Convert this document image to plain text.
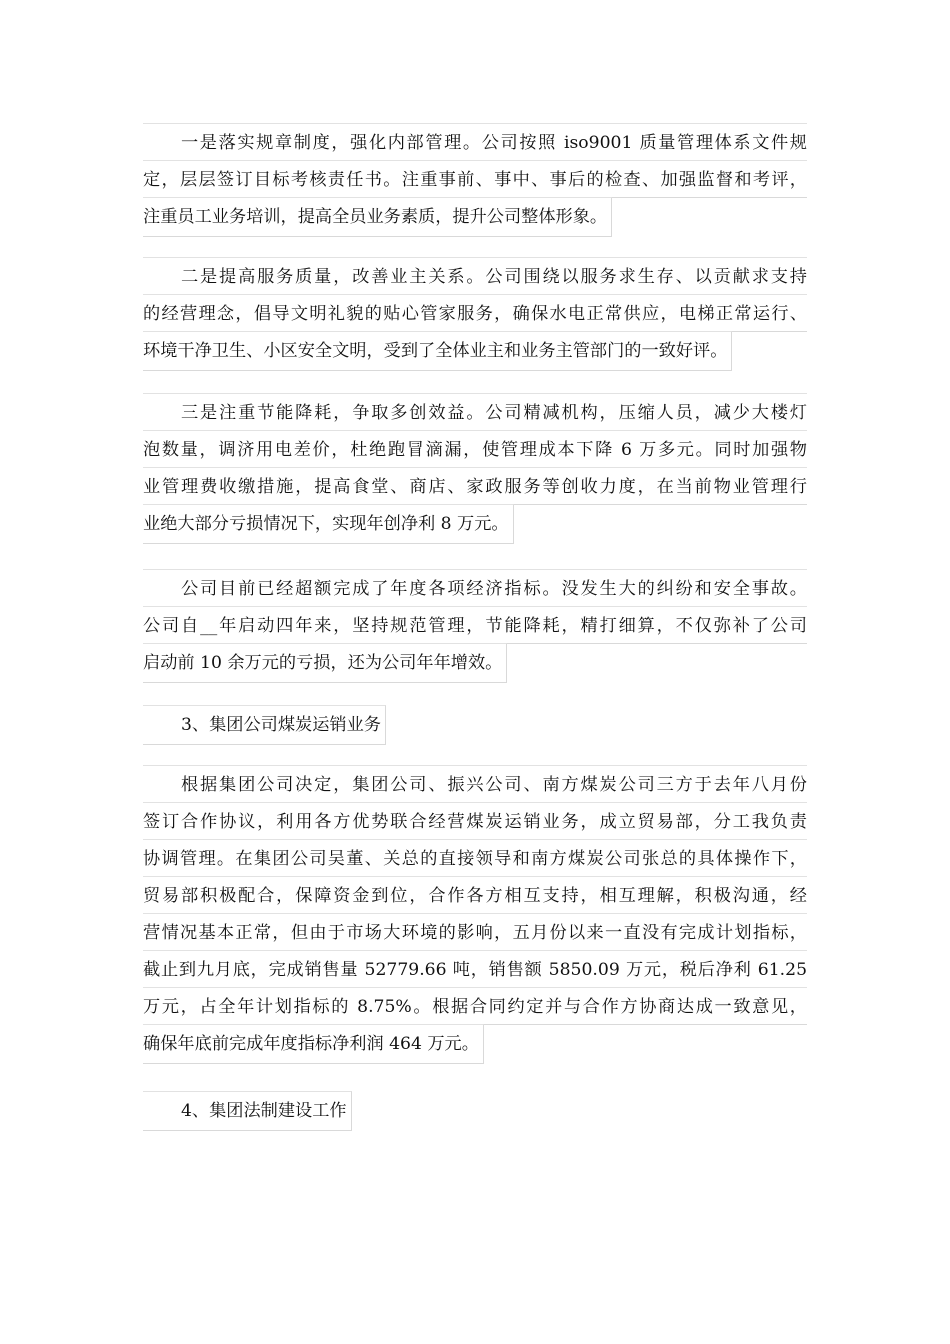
一是落实规章制度，强化内部管理。公司按照 iso9001 质量管理体系文件规
定，层层签订目标考核责任书。注重事前、事中、事后的检查、加强监督和考评，
注重员工业务培训，提高全员业务素质，提升公司整体形象。
二是提高服务质量，改善业主关系。公司围绕以服务求生存、以贡献求支持
的经营理念，倡导文明礼貌的贴心管家服务，确保水电正常供应，电梯正常运行、
环境干净卫生、小区安全文明，受到了全体业主和业务主管部门的一致好评。
三是注重节能降耗，争取多创效益。公司精减机构，压缩人员，减少大楼灯
泡数量，调济用电差价，杜绝跑冒滴漏，使管理成本下降 6 万多元。同时加强物
业管理费收缴措施，提高食堂、商店、家政服务等创收力度，在当前物业管理行
业绝大部分亏损情况下，实现年创净利 8 万元。
公司目前已经超额完成了年度各项经济指标。没发生大的纠纷和安全事故。
公司自__年启动四年来，坚持规范管理，节能降耗，精打细算，不仅弥补了公司
启动前 10 余万元的亏损，还为公司年年增效。
3、集团公司煤炭运销业务
根据集团公司决定，集团公司、振兴公司、南方煤炭公司三方于去年八月份
签订合作协议，利用各方优势联合经营煤炭运销业务，成立贸易部，分工我负责
协调管理。在集团公司吴董、关总的直接领导和南方煤炭公司张总的具体操作下，
贸易部积极配合，保障资金到位，合作各方相互支持，相互理解，积极沟通，经
营情况基本正常，但由于市场大环境的影响，五月份以来一直没有完成计划指标，
截止到九月底，完成销售量 52779.66 吨，销售额 5850.09 万元，税后净利 61.25
万元，占全年计划指标的 8.75%。根据合同约定并与合作方协商达成一致意见，
确保年底前完成年度指标净利润 464 万元。
4、集团法制建设工作
